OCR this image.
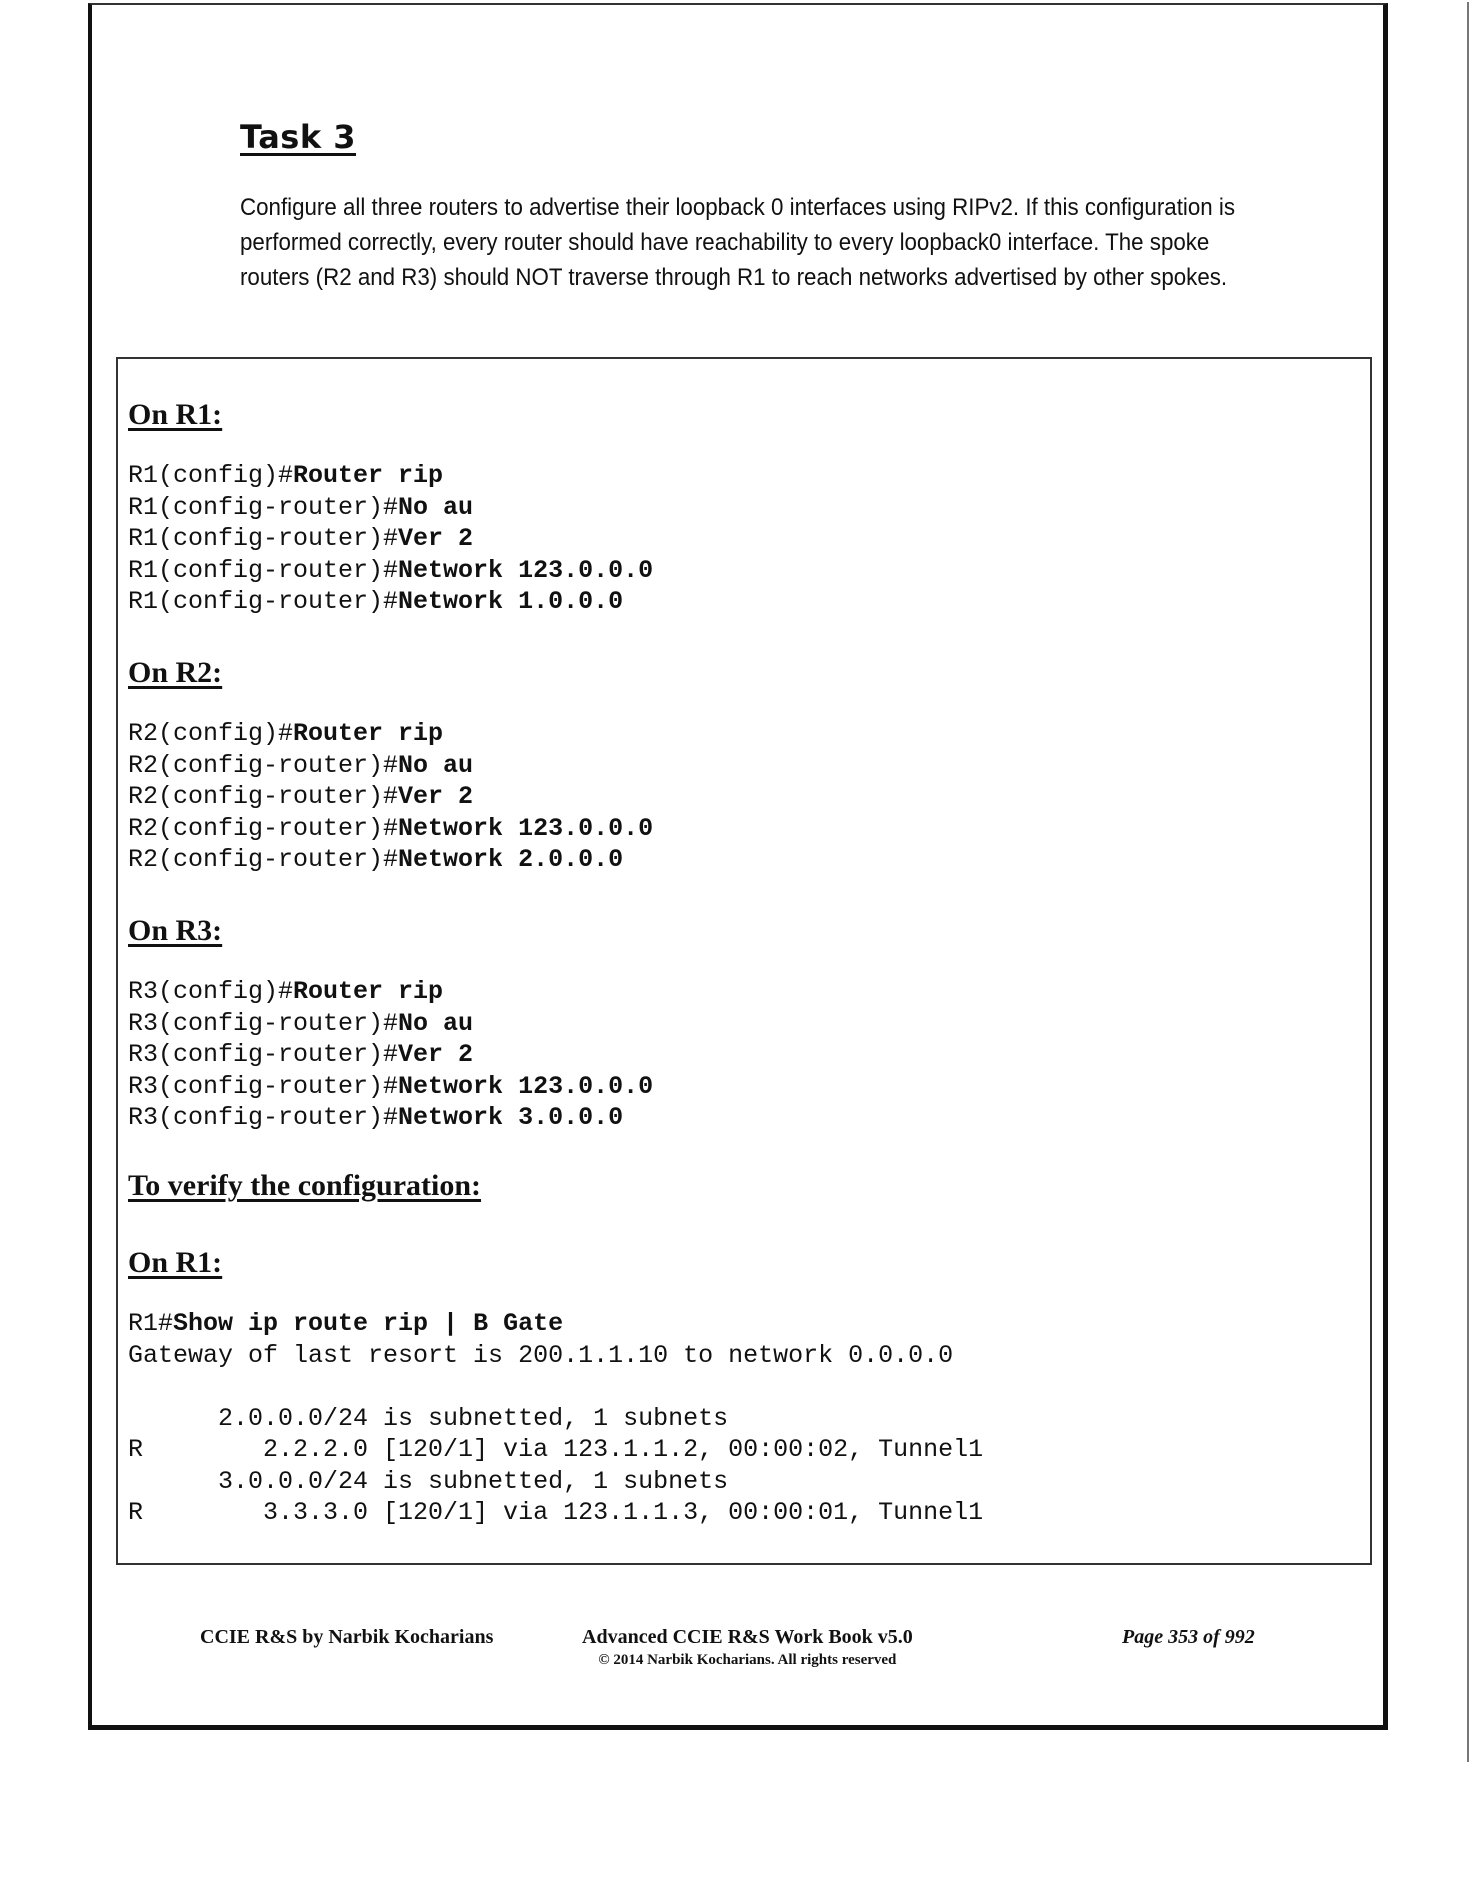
Task 3
Configure all three routers to advertise their loopback 0 interfaces using RIPv2. If this configuration is performed correctly, every router should have reachability to every loopback0 interface. The spoke routers (R2 and R3) should NOT traverse through R1 to reach networks advertised by other spokes.
On R1:
R1(config)#Router rip
R1(config-router)#No au
R1(config-router)#Ver 2
R1(config-router)#Network 123.0.0.0
R1(config-router)#Network 1.0.0.0
On R2:
R2(config)#Router rip
R2(config-router)#No au
R2(config-router)#Ver 2
R2(config-router)#Network 123.0.0.0
R2(config-router)#Network 2.0.0.0
On R3:
R3(config)#Router rip
R3(config-router)#No au
R3(config-router)#Ver 2
R3(config-router)#Network 123.0.0.0
R3(config-router)#Network 3.0.0.0
To verify the configuration:
On R1:
R1#Show ip route rip | B Gate
Gateway of last resort is 200.1.1.10 to network 0.0.0.0
2.0.0.0/24 is subnetted, 1 subnets
R        2.2.2.0 [120/1] via 123.1.1.2, 00:00:02, Tunnel1
3.0.0.0/24 is subnetted, 1 subnets
R        3.3.3.0 [120/1] via 123.1.1.3, 00:00:01, Tunnel1
CCIE R&S by Narbik Kocharians	Advanced CCIE R&S Work Book v5.0
© 2014 Narbik Kocharians. All rights reserved
Page 353 of 992
